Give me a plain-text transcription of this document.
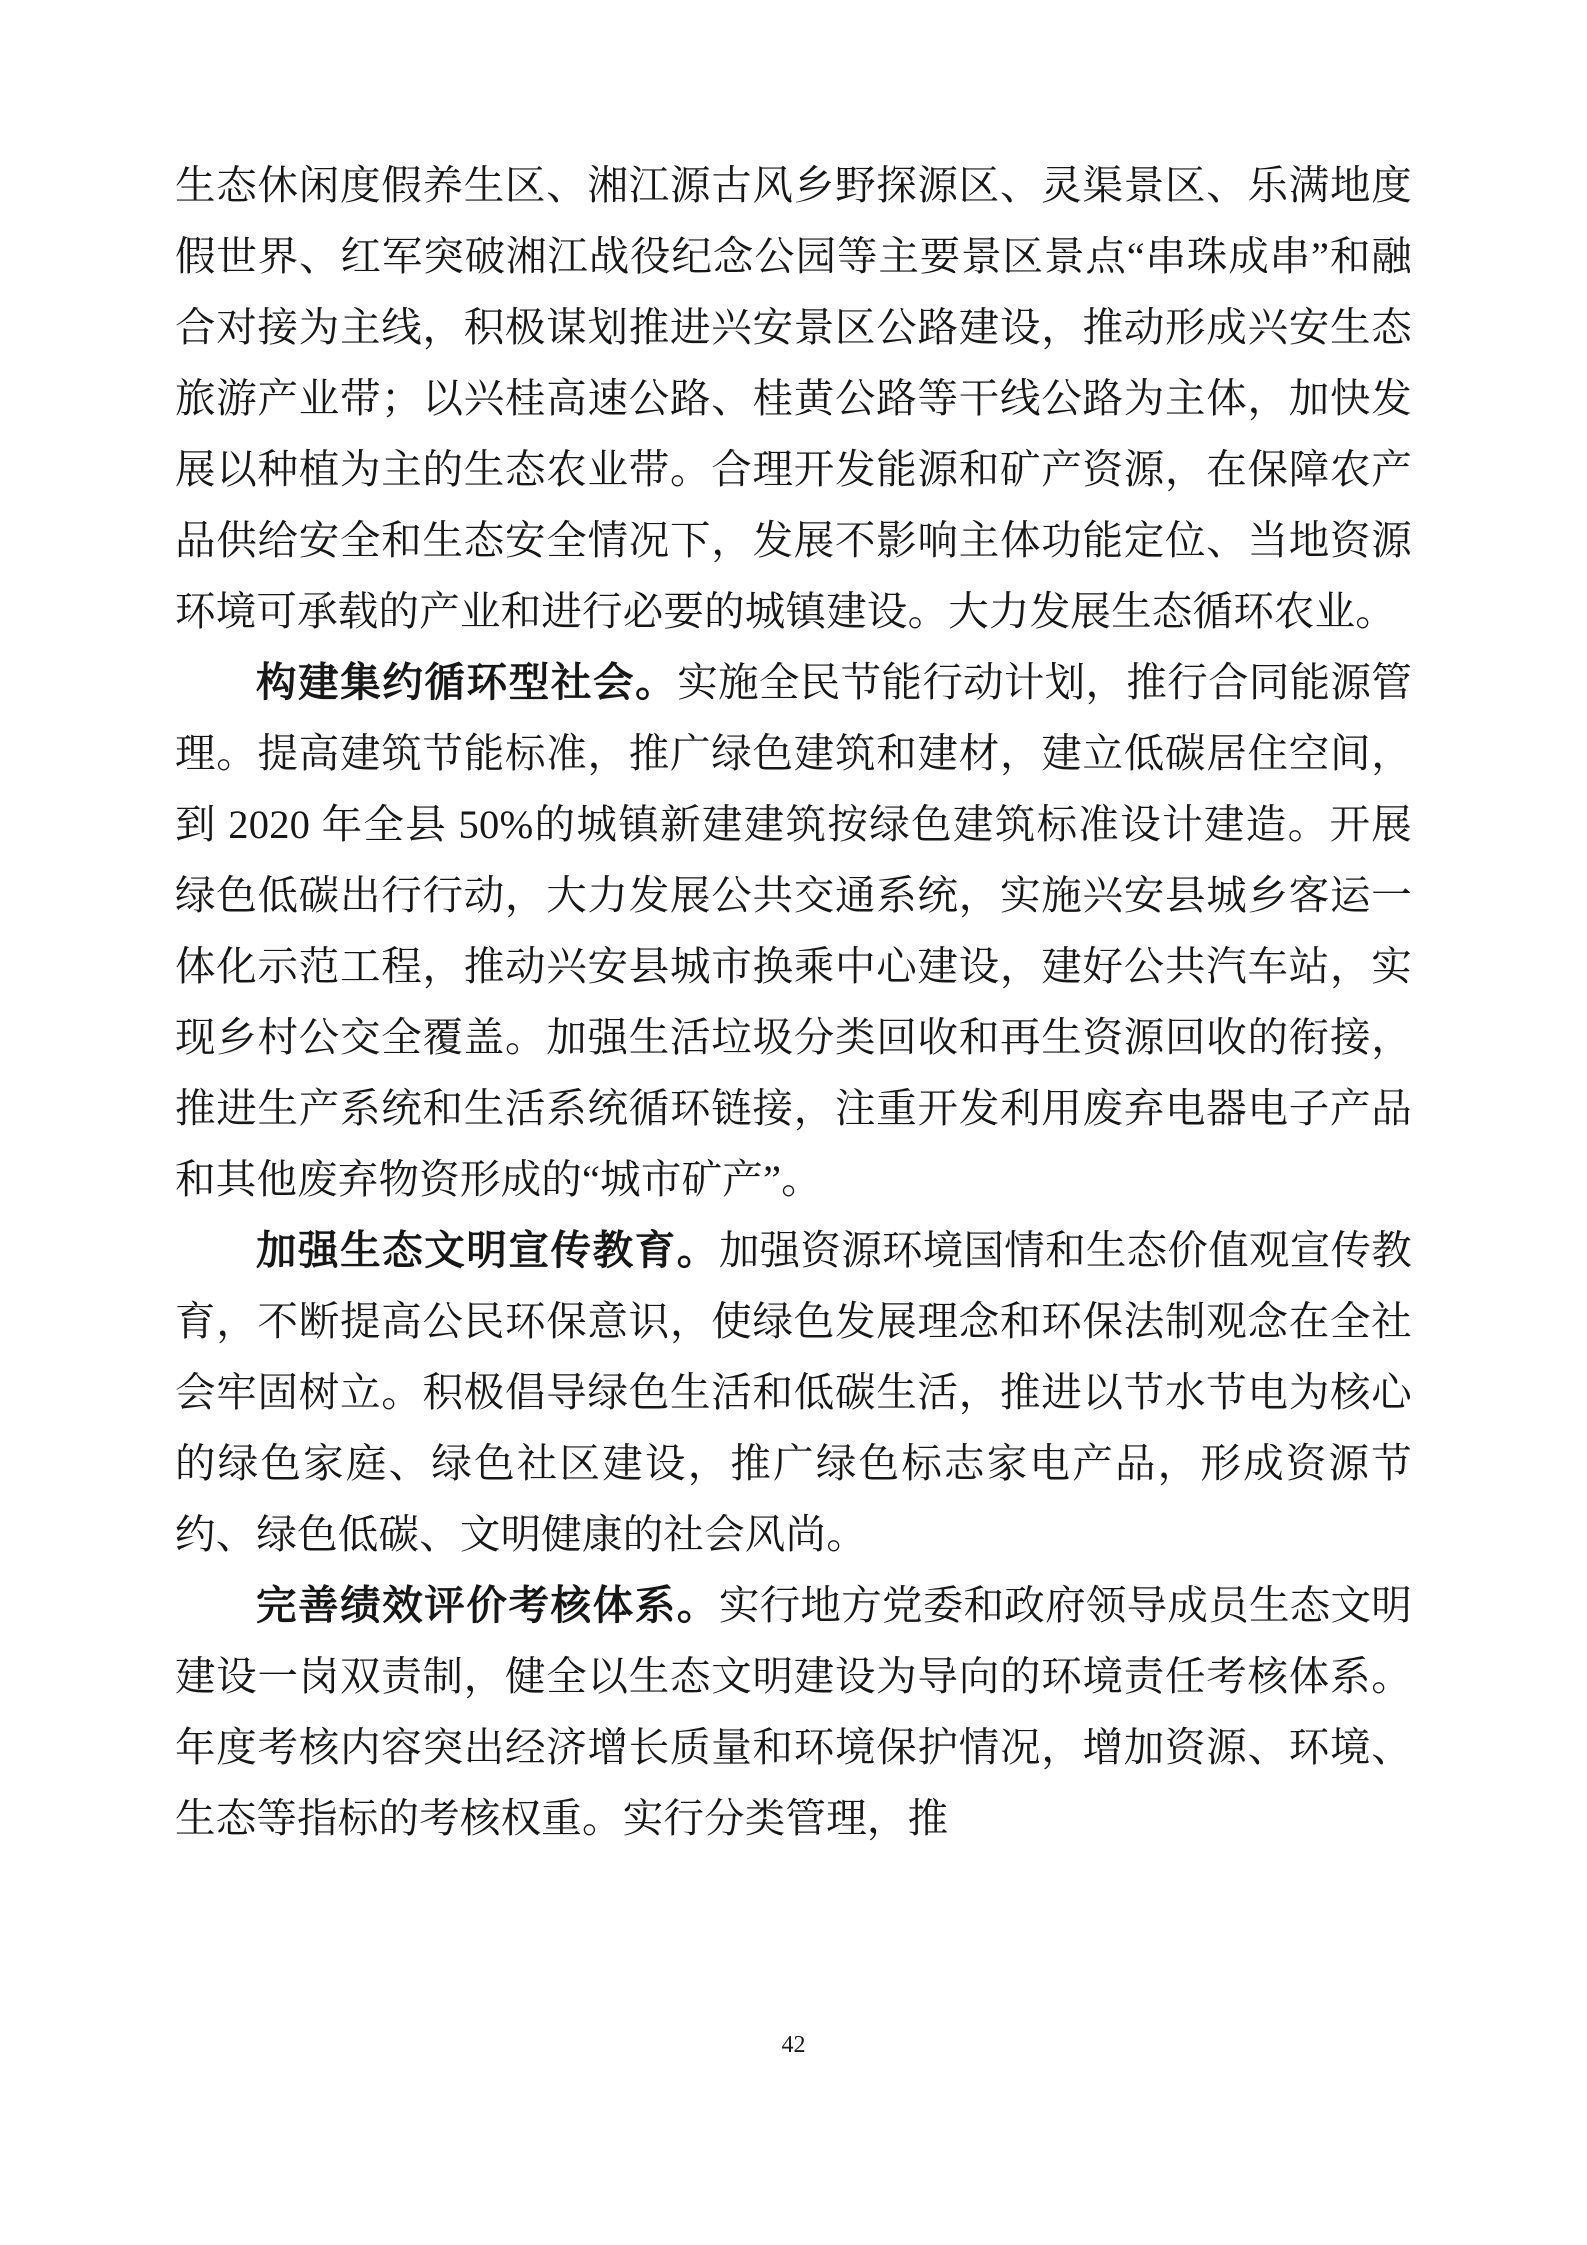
生态休闲度假养生区、湘江源古风乡野探源区、灵渠景区、乐满地度假世界、红军突破湘江战役纪念公园等主要景区景点“串珠成串”和融合对接为主线，积极谋划推进兴安景区公路建设，推动形成兴安生态旅游产业带；以兴桂高速公路、桂黄公路等干线公路为主体，加快发展以种植为主的生态农业带。合理开发能源和矿产资源，在保障农产品供给安全和生态安全情况下，发展不影响主体功能定位、当地资源环境可承载的产业和进行必要的城镇建设。大力发展生态循环农业。

构建集约循环型社会。实施全民节能行动计划，推行合同能源管理。提高建筑节能标准，推广绿色建筑和建材，建立低碳居住空间，到 2020 年全县 50%的城镇新建建筑按绿色建筑标准设计建造。开展绿色低碳出行行动，大力发展公共交通系统，实施兴安县城乡客运一体化示范工程，推动兴安县城市换乘中心建设，建好公共汽车站，实现乡村公交全覆盖。加强生活垃圾分类回收和再生资源回收的衔接，推进生产系统和生活系统循环链接，注重开发利用废弃电器电子产品和其他废弃物资形成的“城市矿产”。

加强生态文明宣传教育。加强资源环境国情和生态价值观宣传教育，不断提高公民环保意识，使绿色发展理念和环保法制观念在全社会牢固树立。积极倡导绿色生活和低碳生活，推进以节水节电为核心的绿色家庭、绿色社区建设，推广绿色标志家电产品，形成资源节约、绿色低碳、文明健康的社会风尚。

完善绩效评价考核体系。实行地方党委和政府领导成员生态文明建设一岗双责制，健全以生态文明建设为导向的环境责任考核体系。年度考核内容突出经济增长质量和环境保护情况，增加资源、环境、生态等指标的考核权重。实行分类管理，推

42
